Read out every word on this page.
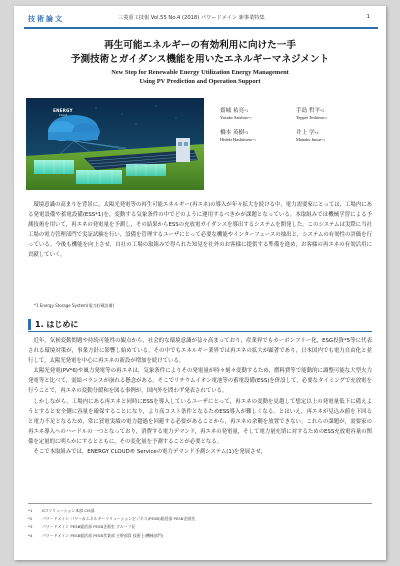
技術論文	三菱重工技報 Vol.55 No.4 (2018) パワードメイン 新事業特集	1
再生可能エネルギーの有効利用に向けた一手
予測技術とガイダンス機能を用いたエネルギーマネジメント
New Step for Renewable Energy Utilization Energy Management
Using PV Prediction and Operation Support
ENERGY
Cloud
齋城 祐亮*1
Yusuke Saishiro*1
手島 哲平*2
Teppei Teshima*2
橋本 英樹*3
Hideki Hashimoto*3
井上 学*4
Manabu Inoue*4

環境意識の高まりを背景に，太陽光発電等の再生可能エネルギー(再エネ)の導入が年々拡大を続ける中，電力需要家にとっては，工場内にある発電設備や蓄電設備(ESS*1)を，変動する気象条件の中でどのように運用するべきかが課題となっている。本取組みでは機械学習による予測技術を用いて，再エネの発電量を予測し，その結果からESSの充放電ガイダンスを導出するシステムを開発した。このシステムは実際に当社工場の電力管理部門で実証試験を行い，設備を管理するユーザにとって必要な機能やインターフェースの抽出と，システムの有効性の評価を行っている。今後も機能を向上させ，自社の工場の取組みで得られた知見を社外のお客様に提供する準備を進め，お客様の再エネの有効活用に貢献していく。

*1 Energy Storage System(電力貯蔵設備)
1. はじめに

近年，気候変動問題や持続可能性の観点から，社会的な環境意識が益々高まっており，産業界でもカーボンフリー化，ESG投資*5等に代表される環境対策が，事業方針に影響し始めている。その中でもエネルギー業界では再エネの拡大が顕著であり，日本国内でも電力自由化と並行して，太陽光発電を中心に再エネの新設が増加を続けている。

太陽光発電(PV*6)や風力発電等の再エネは，気象条件によりその発電量が時々刻々変動するため，燃料費等で能動的に調整可能な大型火力発電等と比べて，需給バランスが崩れる懸念がある。そこでリチウムイオン電池等の蓄電設備(ESS)を併設して，必要なタイミングで充放電を行うことで，再エネの変動分緩和を図る事例が，国内外を問わず発表されている。

しかしながら，工場内にある再エネと同時にESSを導入しているユーザにとって，再エネの変動を見越して想定以上の発電量低下に備えようとすると安全側に容量を確保することになり，より高コスト条件となるためESS導入が難しくなる。とはいえ，再エネが見込み値を下回ると電力不足となるため，常に買電実績の電力超過を回避する必要があることから，再エネの余剰を放置できない。これらの課題が，需要家の再エネ導入へのハードルの一つとなっており，消費する電力デマンド，再エネの発電量，そして電力量充填に対するためのESS充放電容量の関係を定量的に明らかにするとともに，その変化量を予測することが必要となる。

そこで本取組みでは，ENERGY CLOUD® Serviceの電力デマンド予測システム(1)を発展させ，

*1 ICTソリューション本部 CIS部
*2 パワードメイン パワー＆エネルギーソリューションビジネス(PESB)総括部 PESB企画室
*3 パワードメイン PESB総括部 PESB企画室 グループ長
*4 パワードメイン PESB総括部 PESB営業部 主幹部員 技術士(機械部門)
